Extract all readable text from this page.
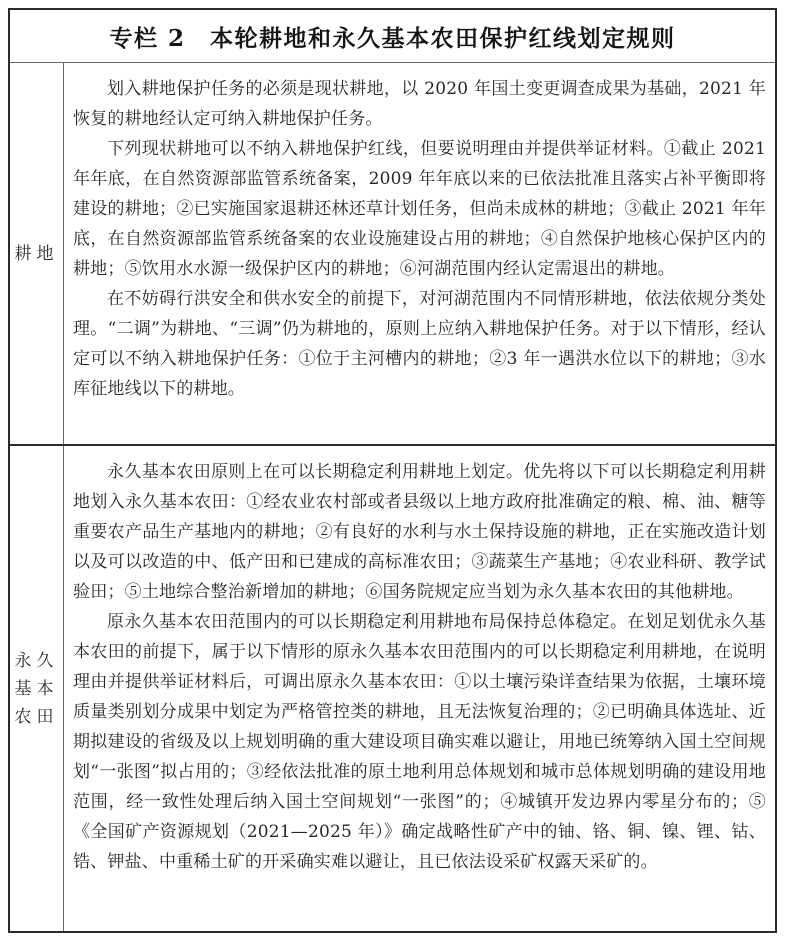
专栏 2　本轮耕地和永久基本农田保护红线划定规则
耕地

划入耕地保护任务的必须是现状耕地，以 2020 年国土变更调查成果为基础，2021 年恢复的耕地经认定可纳入耕地保护任务。

下列现状耕地可以不纳入耕地保护红线，但要说明理由并提供举证材料。①截止 2021 年年底，在自然资源部监管系统备案，2009 年年底以来的已依法批准且落实占补平衡即将建设的耕地；②已实施国家退耕还林还草计划任务，但尚未成林的耕地；③截止 2021 年年底，在自然资源部监管系统备案的农业设施建设占用的耕地；④自然保护地核心保护区内的耕地；⑤饮用水水源一级保护区内的耕地；⑥河湖范围内经认定需退出的耕地。

在不妨碍行洪安全和供水安全的前提下，对河湖范围内不同情形耕地，依法依规分类处理。“二调”为耕地、“三调”仍为耕地的，原则上应纳入耕地保护任务。对于以下情形，经认定可以不纳入耕地保护任务：①位于主河槽内的耕地；②3 年一遇洪水位以下的耕地；③水库征地线以下的耕地。

永久基本农田

永久基本农田原则上在可以长期稳定利用耕地上划定。优先将以下可以长期稳定利用耕地划入永久基本农田：①经农业农村部或者县级以上地方政府批准确定的粮、棉、油、糖等重要农产品生产基地内的耕地；②有良好的水利与水土保持设施的耕地，正在实施改造计划以及可以改造的中、低产田和已建成的高标准农田；③蔬菜生产基地；④农业科研、教学试验田；⑤土地综合整治新增加的耕地；⑥国务院规定应当划为永久基本农田的其他耕地。

原永久基本农田范围内的可以长期稳定利用耕地布局保持总体稳定。在划足划优永久基本农田的前提下，属于以下情形的原永久基本农田范围内的可以长期稳定利用耕地，在说明理由并提供举证材料后，可调出原永久基本农田：①以土壤污染详查结果为依据，土壤环境质量类别划分成果中划定为严格管控类的耕地，且无法恢复治理的；②已明确具体选址、近期拟建设的省级及以上规划明确的重大建设项目确实难以避让，用地已统筹纳入国土空间规划“一张图”拟占用的；③经依法批准的原土地利用总体规划和城市总体规划明确的建设用地范围，经一致性处理后纳入国土空间规划“一张图”的；④城镇开发边界内零星分布的；⑤《全国矿产资源规划（2021—2025 年）》确定战略性矿产中的铀、铬、铜、镍、锂、钴、锆、钾盐、中重稀土矿的开采确实难以避让，且已依法设采矿权露天采矿的。
